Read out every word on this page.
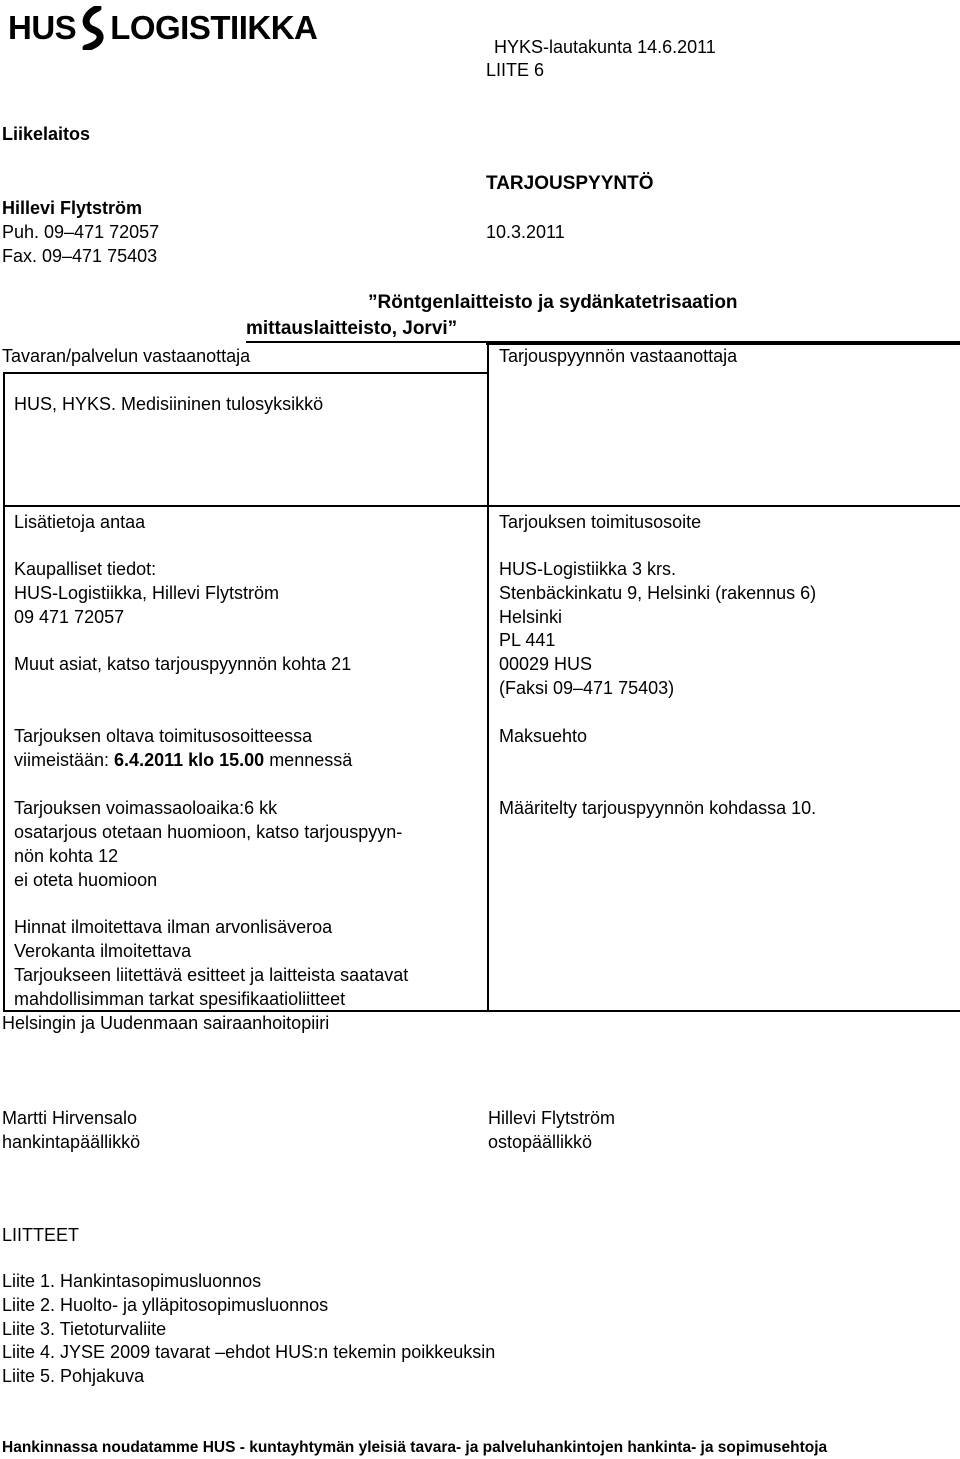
HUS LOGISTIIKKA
HYKS-lautakunta 14.6.2011
LIITE 6
Liikelaitos
TARJOUSPYYNTÖ
Hillevi Flytström
Puh. 09–471 72057	10.3.2011
Fax. 09–471 75403
”Röntgenlaitteisto ja sydänkatetrisaation
mittauslaitteisto, Jorvi”
Tavaran/palvelun vastaanottaja	Tarjouspyynnön vastaanottaja
HUS, HYKS. Medisiininen tulosyksikkö
Lisätietoja antaa
Kaupalliset tiedot:
HUS-Logistiikka, Hillevi Flytström
09 471 72057
Muut asiat, katso tarjouspyynnön kohta 21
Tarjouksen oltava toimitusosoitteessa
viimeistään: 6.4.2011 klo 15.00 mennessä
Tarjouksen voimassaoloaika:6 kk
osatarjous otetaan huomioon, katso tarjouspyyn-
nön kohta 12
ei oteta huomioon
Hinnat ilmoitettava ilman arvonlisäveroa
Verokanta ilmoitettava
Tarjoukseen liitettävä esitteet ja laitteista saatavat
mahdollisimman tarkat spesifikaatioliitteet
Tarjouksen toimitusosoite
HUS-Logistiikka 3 krs.
Stenbäckinkatu 9, Helsinki (rakennus 6)
Helsinki
PL 441
00029 HUS
(Faksi 09–471 75403)
Maksuehto
Määritelty tarjouspyynnön kohdassa 10.
Helsingin ja Uudenmaan sairaanhoitopiiri
Martti Hirvensalo
hankintapäällikkö
Hillevi Flytström
ostopäällikkö
LIITTEET
Liite 1. Hankintasopimusluonnos
Liite 2. Huolto- ja ylläpitosopimusluonnos
Liite 3. Tietoturvaliite
Liite 4. JYSE 2009 tavarat –ehdot HUS:n tekemin poikkeuksin
Liite 5. Pohjakuva
Hankinnassa noudatamme HUS - kuntayhtymän yleisiä tavara- ja palveluhankintojen hankinta- ja sopimusehtoja
